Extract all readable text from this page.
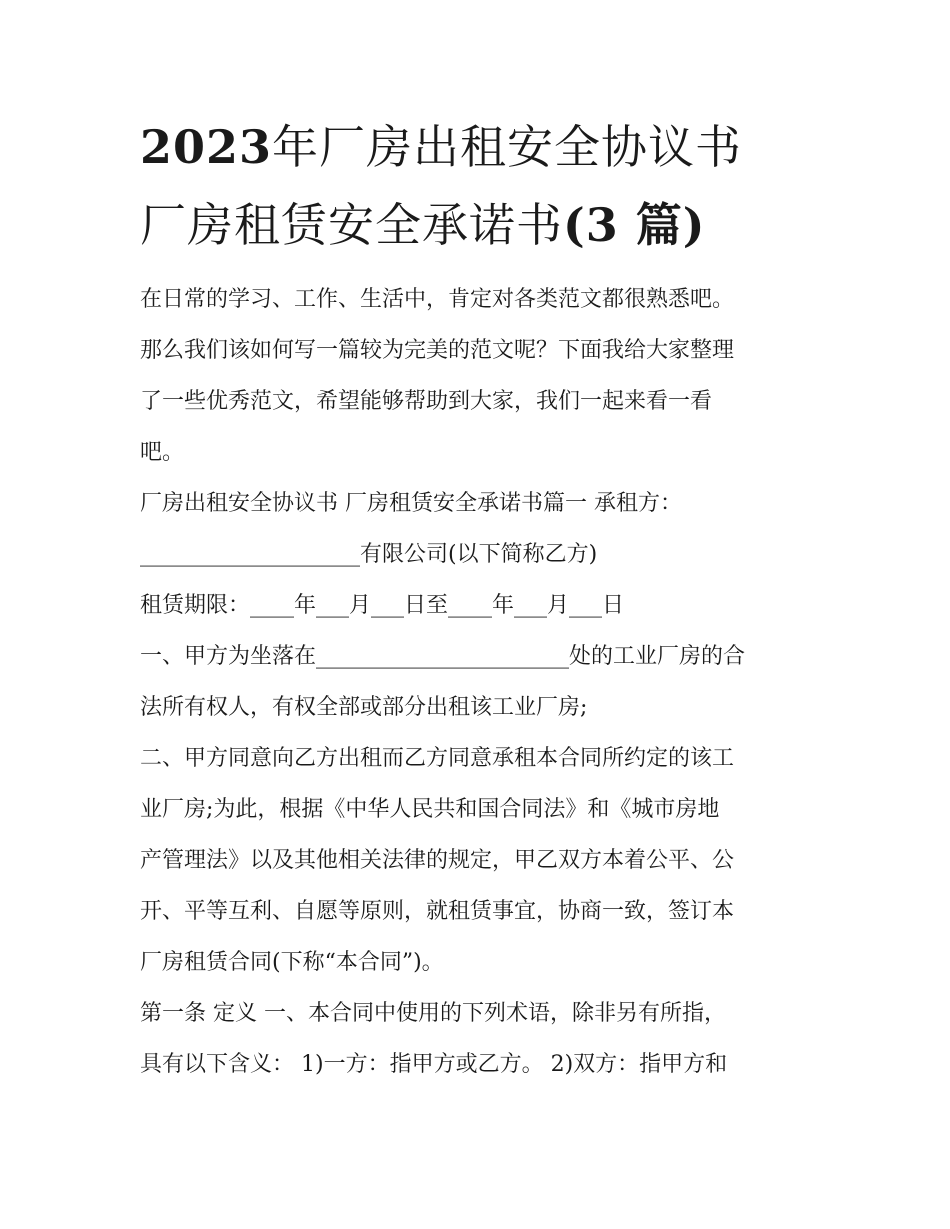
2023年厂房出租安全协议书
厂房租赁安全承诺书(3 篇)

在日常的学习、工作、生活中，肯定对各类范文都很熟悉吧。
那么我们该如何写一篇较为完美的范文呢？下面我给大家整理
了一些优秀范文，希望能够帮助到大家，我们一起来看一看
吧。

厂房出租安全协议书 厂房租赁安全承诺书篇一 承租方：
____________________有限公司(以下简称乙方)

租赁期限：____年___月___日至____年___月___日

一、甲方为坐落在_______________________处的工业厂房的合
法所有权人，有权全部或部分出租该工业厂房;

二、甲方同意向乙方出租而乙方同意承租本合同所约定的该工
业厂房;为此，根据《中华人民共和国合同法》和《城市房地
产管理法》以及其他相关法律的规定，甲乙双方本着公平、公
开、平等互利、自愿等原则，就租赁事宜，协商一致，签订本
厂房租赁合同(下称“本合同”)。

第一条 定义 一、本合同中使用的下列术语，除非另有所指，
具有以下含义： 1)一方：指甲方或乙方。 2)双方：指甲方和
